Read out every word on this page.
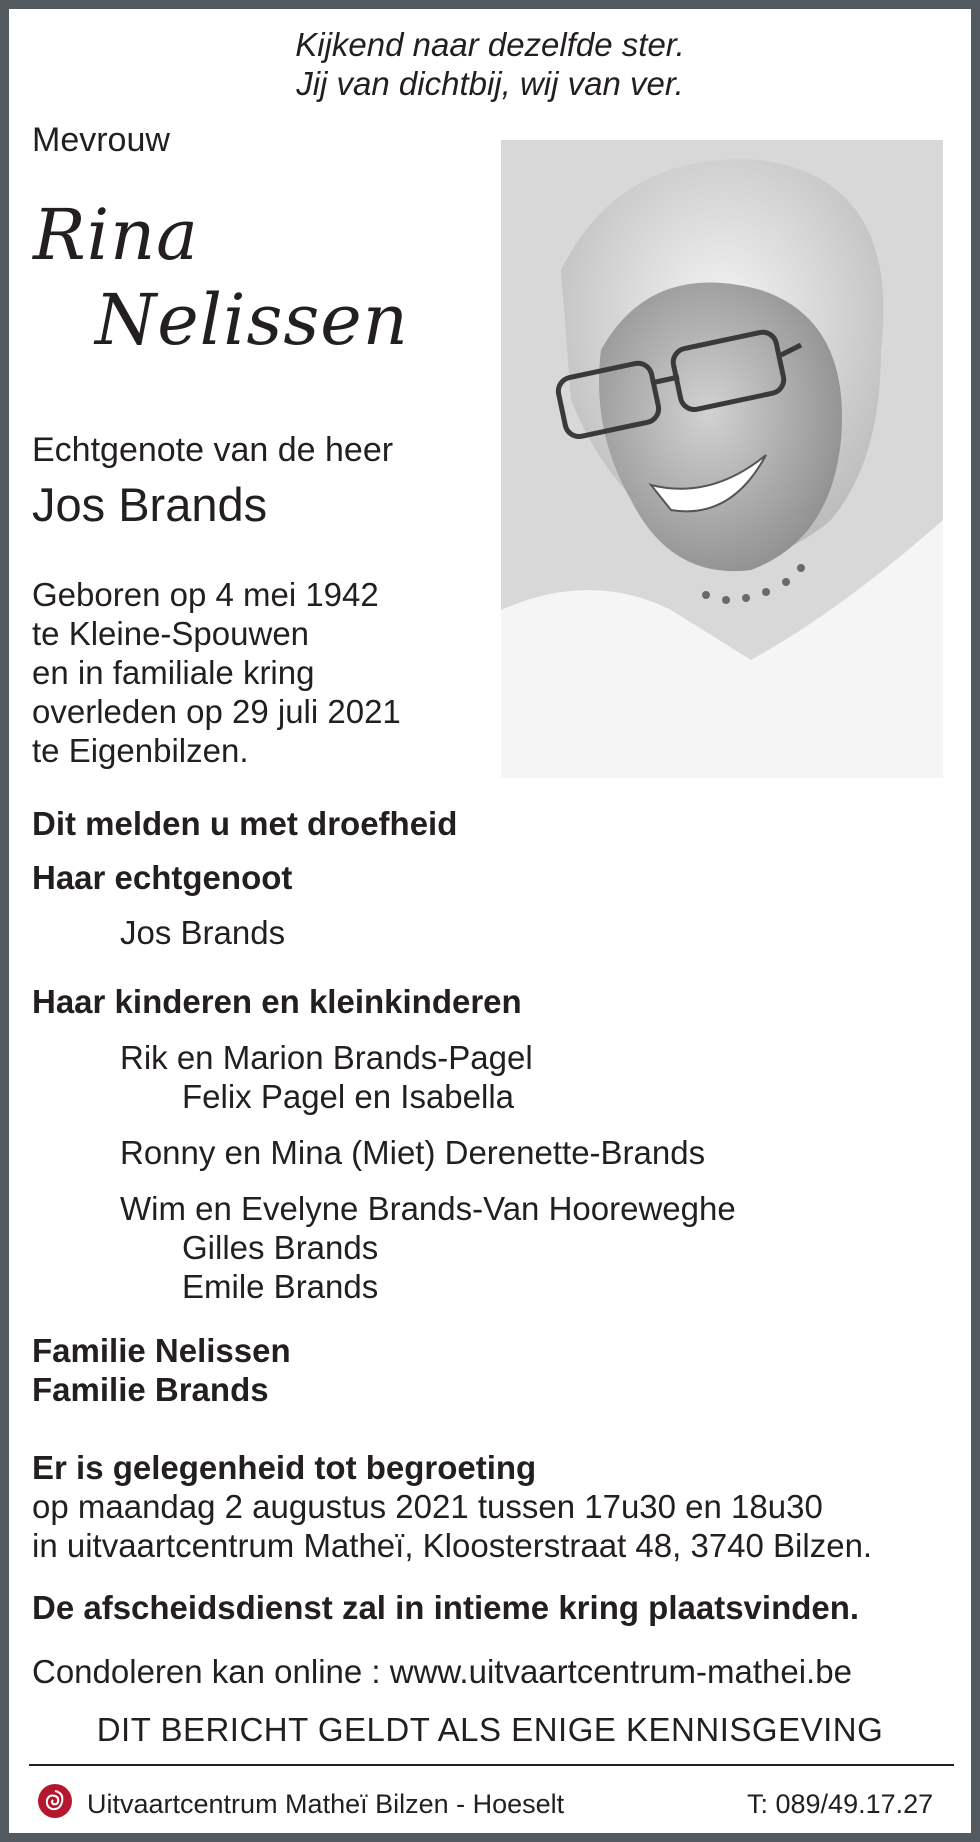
Kijkend naar dezelfde ster.
Jij van dichtbij, wij van ver.
Mevrouw
Rina
Nelissen
Echtgenote van de heer
Jos Brands
Geboren op 4 mei 1942
te Kleine-Spouwen
en in familiale kring
overleden op 29 juli 2021
te Eigenbilzen.
Dit melden u met droefheid
Haar echtgenoot
Jos Brands
Haar kinderen en kleinkinderen
Rik en Marion Brands-Pagel
Felix Pagel en Isabella
Ronny en Mina (Miet) Derenette-Brands
Wim en Evelyne Brands-Van Hooreweghe
Gilles Brands
Emile Brands
Familie Nelissen
Familie Brands
Er is gelegenheid tot begroeting
op maandag 2 augustus 2021 tussen 17u30 en 18u30
in uitvaartcentrum Matheï, Kloosterstraat 48, 3740 Bilzen.
De afscheidsdienst zal in intieme kring plaatsvinden.
Condoleren kan online : www.uitvaartcentrum-mathei.be
DIT BERICHT GELDT ALS ENIGE KENNISGEVING
Uitvaartcentrum Matheï Bilzen - Hoeselt	T: 089/49.17.27
